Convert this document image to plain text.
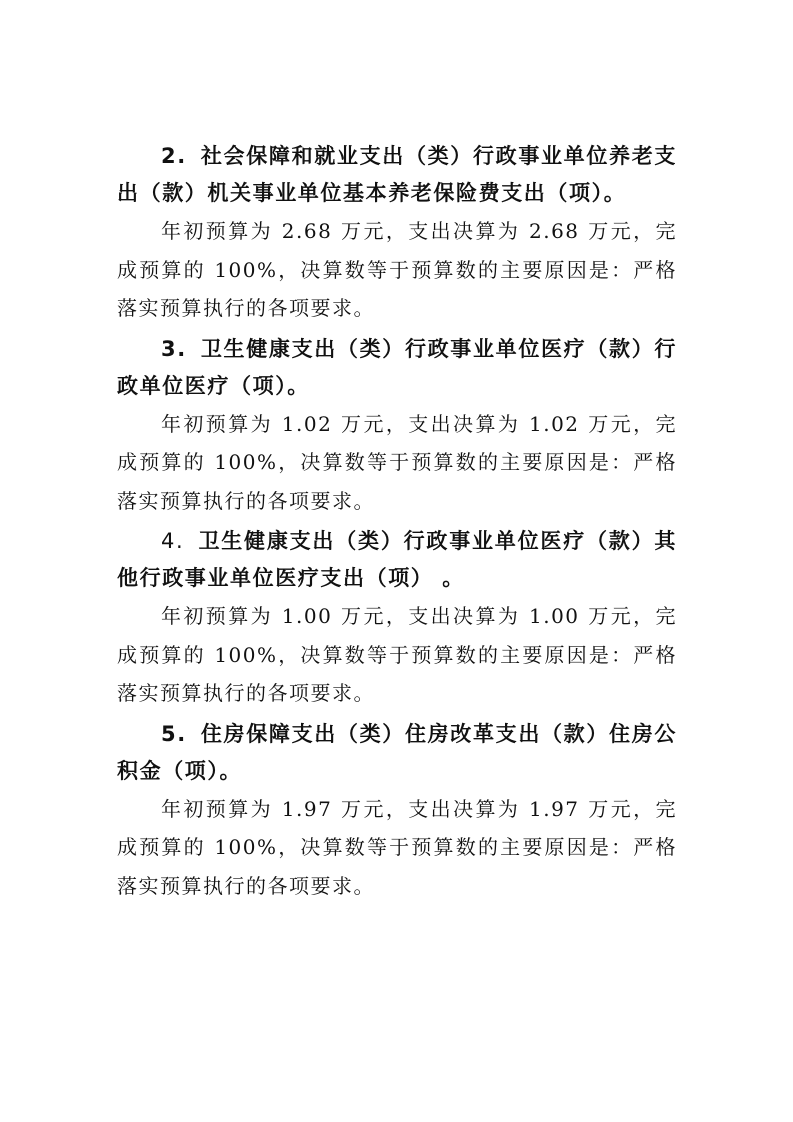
2. 社会保障和就业支出（类）行政事业单位养老支出（款）机关事业单位基本养老保险费支出（项）。

年初预算为 2.68 万元，支出决算为 2.68 万元，完成预算的 100%，决算数等于预算数的主要原因是：严格落实预算执行的各项要求。

3. 卫生健康支出（类）行政事业单位医疗（款）行政单位医疗（项）。

年初预算为 1.02 万元，支出决算为 1.02 万元，完成预算的 100%，决算数等于预算数的主要原因是：严格落实预算执行的各项要求。

4. 卫生健康支出（类）行政事业单位医疗（款）其他行政事业单位医疗支出（项） 。

年初预算为 1.00 万元，支出决算为 1.00 万元，完成预算的 100%，决算数等于预算数的主要原因是：严格落实预算执行的各项要求。

5. 住房保障支出（类）住房改革支出（款）住房公积金（项）。

年初预算为 1.97 万元，支出决算为 1.97 万元，完成预算的 100%，决算数等于预算数的主要原因是：严格落实预算执行的各项要求。
